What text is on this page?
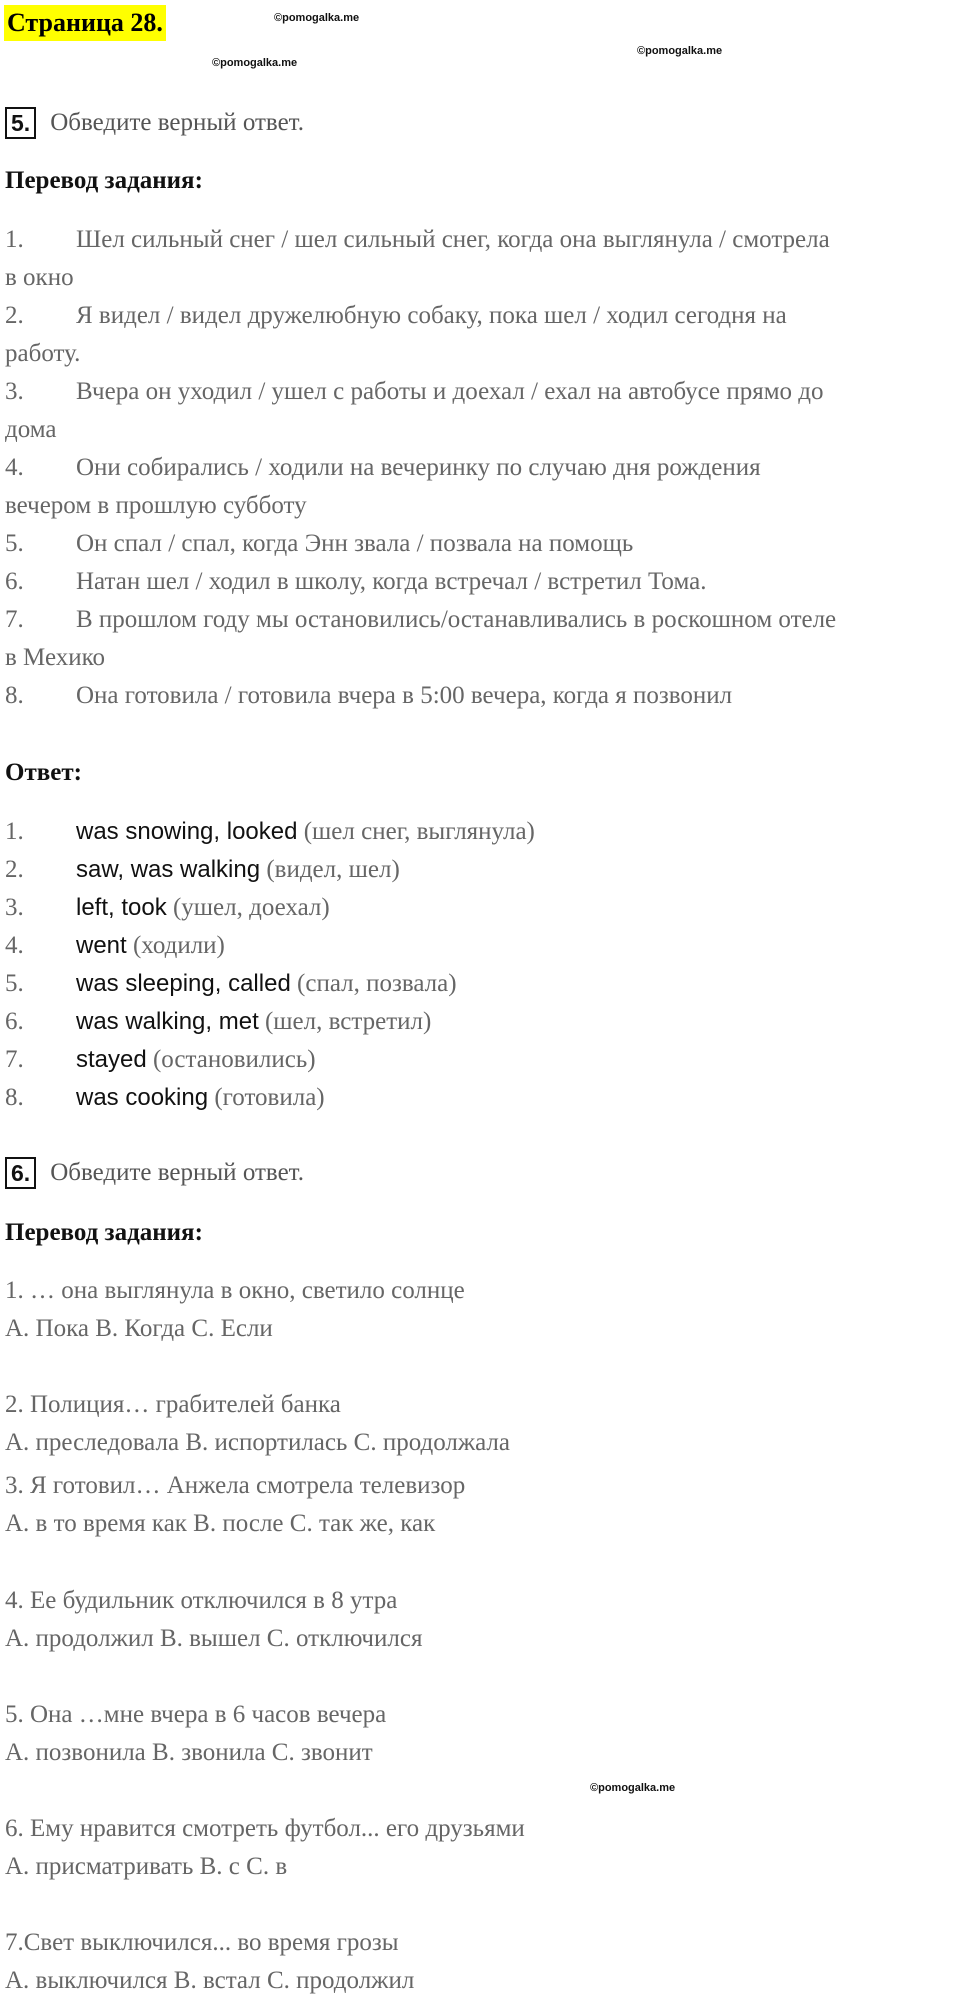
Страница 28.	©pomogalka.me
©pomogalka.me
©pomogalka.me
5. Обведите верный ответ.
Перевод задания:
1. Шел сильный снег / шел сильный снег, когда она выглянула / смотрела
в окно
2. Я видел / видел дружелюбную собаку, пока шел / ходил сегодня на
работу.
3. Вчера он уходил / ушел с работы и доехал / ехал на автобусе прямо до
дома
4. Они собирались / ходили на вечеринку по случаю дня рождения
вечером в прошлую субботу
5. Он спал / спал, когда Энн звала / позвала на помощь
6. Натан шел / ходил в школу, когда встречал / встретил Тома.
7. В прошлом году мы остановились/останавливались в роскошном отеле
в Мехико
8. Она готовила / готовила вчера в 5:00 вечера, когда я позвонил
Ответ:
1. was snowing, looked (шел снег, выглянула)
2. saw, was walking (видел, шел)
3. left, took (ушел, доехал)
4. went (ходили)
5. was sleeping, called (спал, позвала)
6. was walking, met (шел, встретил)
7. stayed (остановились)
8. was cooking (готовила)
6. Обведите верный ответ.
Перевод задания:
1. … она выглянула в окно, светило солнце
А. Пока В. Когда С. Если
2. Полиция… грабителей банка
А. преследовала В. испортилась С. продолжала
3. Я готовил… Анжела смотрела телевизор
А. в то время как В. после С. так же, как
4. Ее будильник отключился в 8 утра
А. продолжил В. вышел С. отключился
5. Она …мне вчера в 6 часов вечера
А. позвонила В. звонила С. звонит
©pomogalka.me
6. Ему нравится смотреть футбол... его друзьями
А. присматривать В. с С. в
7.Свет выключился... во время грозы
А. выключился В. встал С. продолжил
